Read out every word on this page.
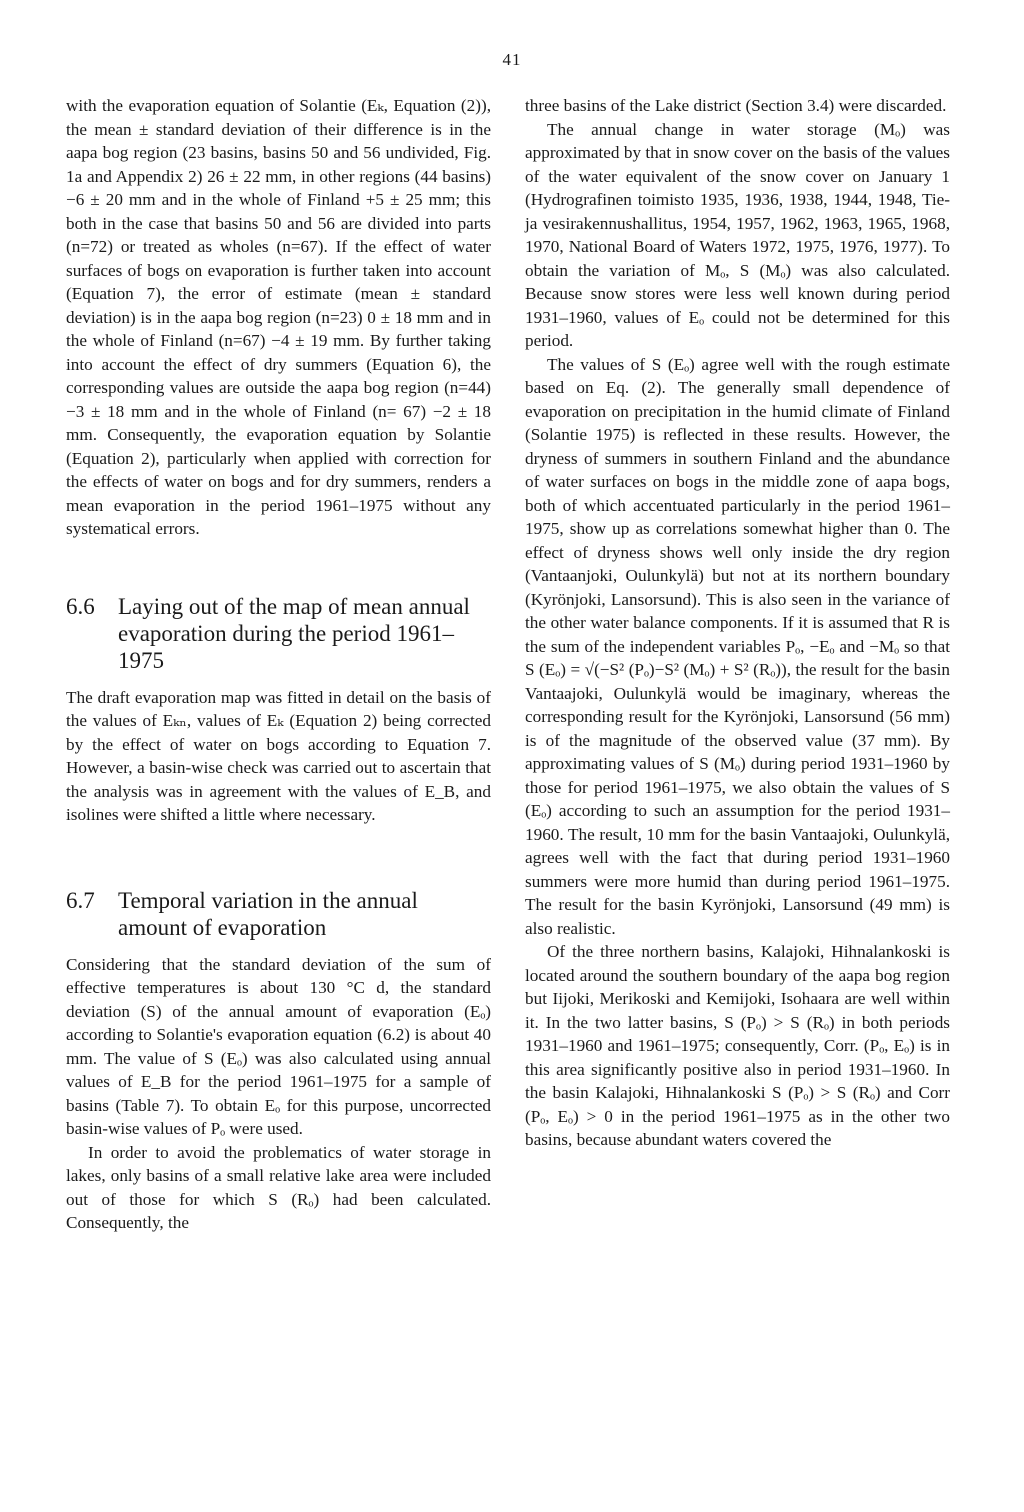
41

with the evaporation equation of Solantie (Eₖ, Equation (2)), the mean ± standard deviation of their difference is in the aapa bog region (23 basins, basins 50 and 56 undivided, Fig. 1a and Appendix 2) 26 ± 22 mm, in other regions (44 basins) −6 ± 20 mm and in the whole of Finland +5 ± 25 mm; this both in the case that basins 50 and 56 are divided into parts (n=72) or treated as wholes (n=67). If the effect of water surfaces of bogs on evaporation is further taken into account (Equation 7), the error of estimate (mean ± standard deviation) is in the aapa bog region (n=23) 0 ± 18 mm and in the whole of Finland (n=67) −4 ± 19 mm. By further taking into account the effect of dry summers (Equation 6), the corresponding values are outside the aapa bog region (n=44) −3 ± 18 mm and in the whole of Finland (n= 67) −2 ± 18 mm. Consequently, the evaporation equation by Solantie (Equation 2), particularly when applied with correction for the effects of water on bogs and for dry summers, renders a mean evaporation in the period 1961–1975 without any systematical errors.

6.6	Laying out of the map of mean annual evaporation during the period 1961–1975

The draft evaporation map was fitted in detail on the basis of the values of Eₖₙ, values of Eₖ (Equation 2) being corrected by the effect of water on bogs according to Equation 7. However, a basin-wise check was carried out to ascertain that the analysis was in agreement with the values of E_B, and isolines were shifted a little where necessary.

6.7	Temporal variation in the annual amount of evaporation

Considering that the standard deviation of the sum of effective temperatures is about 130 °C d, the standard deviation (S) of the annual amount of evaporation (Eₒ) according to Solantie's evaporation equation (6.2) is about 40 mm. The value of S (Eₒ) was also calculated using annual values of E_B for the period 1961–1975 for a sample of basins (Table 7). To obtain Eₒ for this purpose, uncorrected basin-wise values of Pₒ were used.

In order to avoid the problematics of water storage in lakes, only basins of a small relative lake area were included out of those for which S (Rₒ) had been calculated. Consequently, the

three basins of the Lake district (Section 3.4) were discarded.

The annual change in water storage (Mₒ) was approximated by that in snow cover on the basis of the values of the water equivalent of the snow cover on January 1 (Hydrografinen toimisto 1935, 1936, 1938, 1944, 1948, Tie- ja vesirakennushallitus, 1954, 1957, 1962, 1963, 1965, 1968, 1970, National Board of Waters 1972, 1975, 1976, 1977). To obtain the variation of Mₒ, S (Mₒ) was also calculated. Because snow stores were less well known during period 1931–1960, values of Eₒ could not be determined for this period.

The values of S (Eₒ) agree well with the rough estimate based on Eq. (2). The generally small dependence of evaporation on precipitation in the humid climate of Finland (Solantie 1975) is reflected in these results. However, the dryness of summers in southern Finland and the abundance of water surfaces on bogs in the middle zone of aapa bogs, both of which accentuated particularly in the period 1961–1975, show up as correlations somewhat higher than 0. The effect of dryness shows well only inside the dry region (Vantaanjoki, Oulunkylä) but not at its northern boundary (Kyrönjoki, Lansorsund). This is also seen in the variance of the other water balance components. If it is assumed that R is the sum of the independent variables Pₒ, −Eₒ and −Mₒ so that S (Eₒ) = √(−S² (Pₒ)−S² (Mₒ) + S² (Rₒ)), the result for the basin Vantaajoki, Oulunkylä would be imaginary, whereas the corresponding result for the Kyrönjoki, Lansorsund (56 mm) is of the magnitude of the observed value (37 mm). By approximating values of S (Mₒ) during period 1931–1960 by those for period 1961–1975, we also obtain the values of S (Eₒ) according to such an assumption for the period 1931–1960. The result, 10 mm for the basin Vantaajoki, Oulunkylä, agrees well with the fact that during period 1931–1960 summers were more humid than during period 1961–1975. The result for the basin Kyrönjoki, Lansorsund (49 mm) is also realistic.

Of the three northern basins, Kalajoki, Hihnalankoski is located around the southern boundary of the aapa bog region but Iijoki, Merikoski and Kemijoki, Isohaara are well within it. In the two latter basins, S (Pₒ) > S (Rₒ) in both periods 1931–1960 and 1961–1975; consequently, Corr. (Pₒ, Eₒ) is in this area significantly positive also in period 1931–1960. In the basin Kalajoki, Hihnalankoski S (Pₒ) > S (Rₒ) and Corr (Pₒ, Eₒ) > 0 in the period 1961–1975 as in the other two basins, because abundant waters covered the
